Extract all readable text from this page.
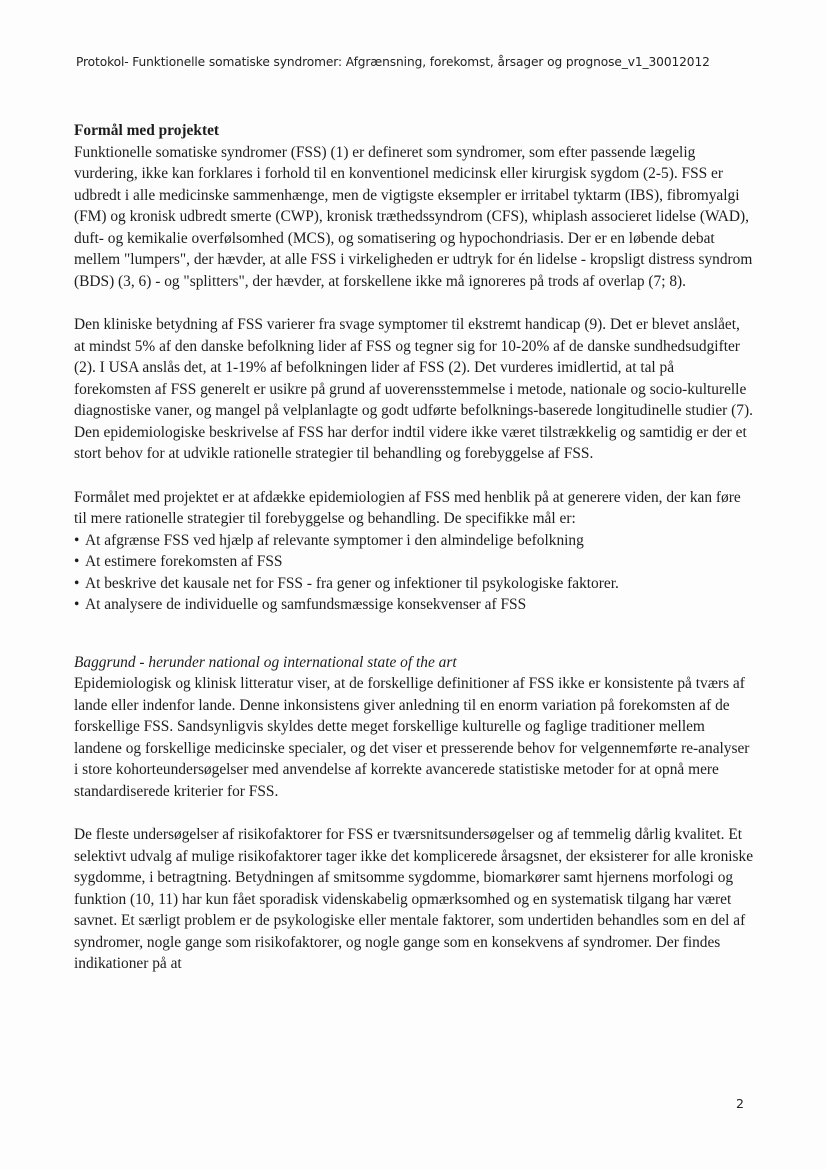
Protokol- Funktionelle somatiske syndromer: Afgrænsning, forekomst, årsager og prognose_v1_30012012

Formål med projektet

Funktionelle somatiske syndromer (FSS) (1) er defineret som syndromer, som efter passende lægelig vurdering, ikke kan forklares i forhold til en konventionel medicinsk eller kirurgisk sygdom (2-5). FSS er udbredt i alle medicinske sammenhænge, men de vigtigste eksempler er irritabel tyktarm (IBS), fibromyalgi (FM) og kronisk udbredt smerte (CWP), kronisk træthedssyndrom (CFS), whiplash associeret lidelse (WAD), duft- og kemikalie overfølsomhed (MCS), og somatisering og hypochondriasis. Der er en løbende debat mellem "lumpers", der hævder, at alle FSS i virkeligheden er udtryk for én lidelse - kropsligt distress syndrom (BDS) (3, 6) - og "splitters", der hævder, at forskellene ikke må ignoreres på trods af overlap (7; 8).

Den kliniske betydning af FSS varierer fra svage symptomer til ekstremt handicap (9). Det er blevet anslået, at mindst 5% af den danske befolkning lider af FSS og tegner sig for 10-20% af de danske sundhedsudgifter (2). I USA anslås det, at 1-19% af befolkningen lider af FSS (2). Det vurderes imidlertid, at tal på forekomsten af FSS generelt er usikre på grund af uoverensstemmelse i metode, nationale og socio-kulturelle diagnostiske vaner, og mangel på velplanlagte og godt udførte befolknings-baserede longitudinelle studier (7). Den epidemiologiske beskrivelse af FSS har derfor indtil videre ikke været tilstrækkelig og samtidig er der et stort behov for at udvikle rationelle strategier til behandling og forebyggelse af FSS.

Formålet med projektet er at afdække epidemiologien af FSS med henblik på at generere viden, der kan føre til mere rationelle strategier til forebyggelse og behandling. De specifikke mål er:

• At afgrænse FSS ved hjælp af relevante symptomer i den almindelige befolkning
• At estimere forekomsten af FSS
• At beskrive det kausale net for FSS - fra gener og infektioner til psykologiske faktorer.
• At analysere de individuelle og samfundsmæssige konsekvenser af FSS

Baggrund - herunder national og international state of the art

Epidemiologisk og klinisk litteratur viser, at de forskellige definitioner af FSS ikke er konsistente på tværs af lande eller indenfor lande. Denne inkonsistens giver anledning til en enorm variation på forekomsten af de forskellige FSS. Sandsynligvis skyldes dette meget forskellige kulturelle og faglige traditioner mellem landene og forskellige medicinske specialer, og det viser et presserende behov for velgennemførte re-analyser i store kohorteundersøgelser med anvendelse af korrekte avancerede statistiske metoder for at opnå mere standardiserede kriterier for FSS.

De fleste undersøgelser af risikofaktorer for FSS er tværsnitsundersøgelser og af temmelig dårlig kvalitet. Et selektivt udvalg af mulige risikofaktorer tager ikke det komplicerede årsagsnet, der eksisterer for alle kroniske sygdomme, i betragtning. Betydningen af smitsomme sygdomme, biomarkører samt hjernens morfologi og funktion (10, 11) har kun fået sporadisk videnskabelig opmærksomhed og en systematisk tilgang har været savnet. Et særligt problem er de psykologiske eller mentale faktorer, som undertiden behandles som en del af syndromer, nogle gange som risikofaktorer, og nogle gange som en konsekvens af syndromer. Der findes indikationer på at

2
